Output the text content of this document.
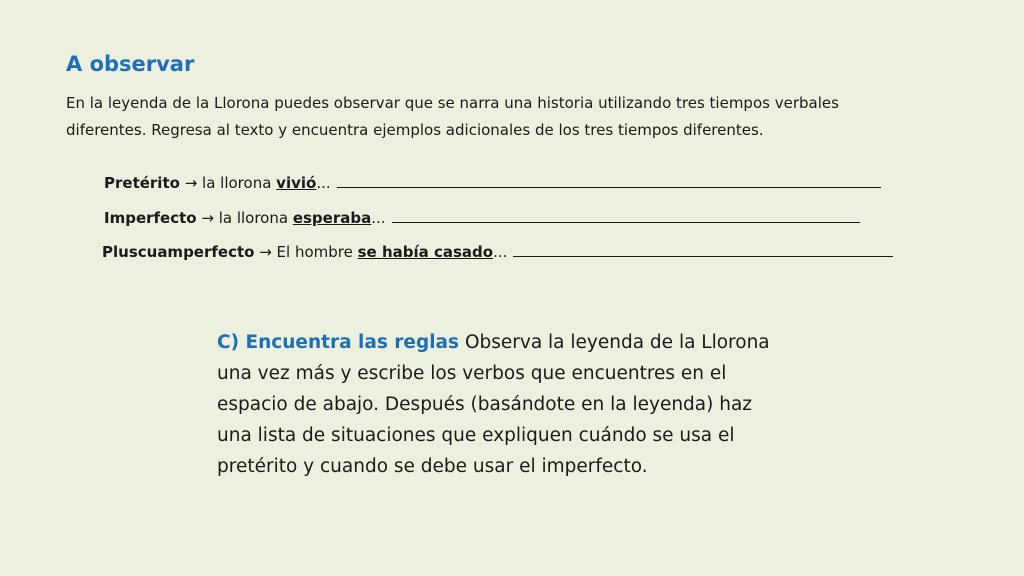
A observar

En la leyenda de la Llorona puedes observar que se narra una historia utilizando tres tiempos verbales
diferentes. Regresa al texto y encuentra ejemplos adicionales de los tres tiempos diferentes.

Pretérito → la llorona vivió...
Imperfecto → la llorona esperaba...
Pluscuamperfecto → El hombre se había casado...

C) Encuentra las reglas Observa la leyenda de la Llorona
una vez más y escribe los verbos que encuentres en el
espacio de abajo. Después (basándote en la leyenda) haz
una lista de situaciones que expliquen cuándo se usa el
pretérito y cuando se debe usar el imperfecto.
